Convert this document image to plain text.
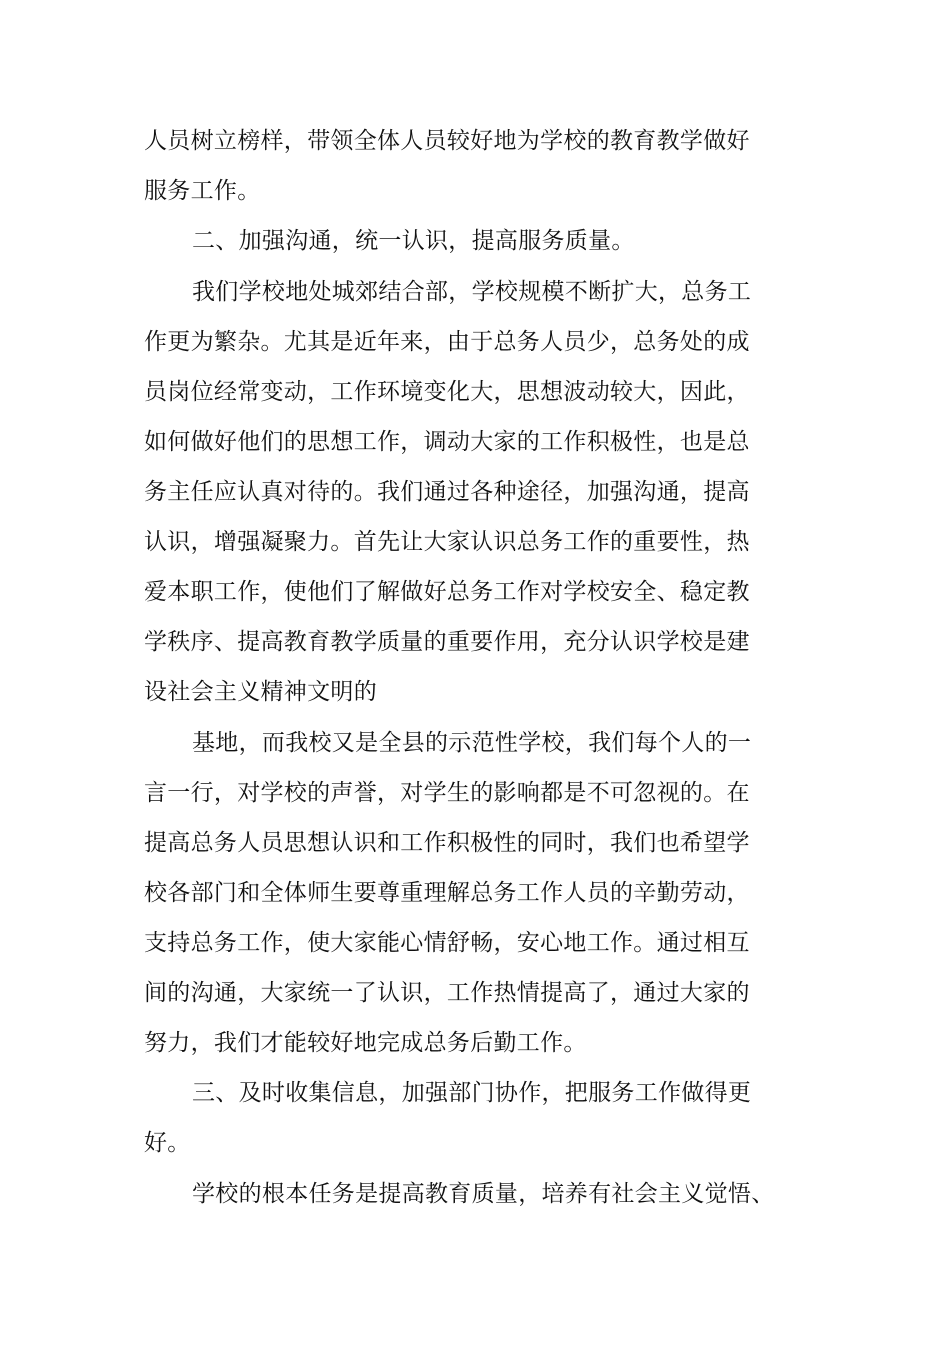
人员树立榜样，带领全体人员较好地为学校的教育教学做好
服务工作。
二、加强沟通，统一认识，提高服务质量。
我们学校地处城郊结合部，学校规模不断扩大，总务工
作更为繁杂。尤其是近年来，由于总务人员少，总务处的成
员岗位经常变动，工作环境变化大，思想波动较大，因此，
如何做好他们的思想工作，调动大家的工作积极性，也是总
务主任应认真对待的。我们通过各种途径，加强沟通，提高
认识，增强凝聚力。首先让大家认识总务工作的重要性，热
爱本职工作，使他们了解做好总务工作对学校安全、稳定教
学秩序、提高教育教学质量的重要作用，充分认识学校是建
设社会主义精神文明的
基地，而我校又是全县的示范性学校，我们每个人的一
言一行，对学校的声誉，对学生的影响都是不可忽视的。在
提高总务人员思想认识和工作积极性的同时，我们也希望学
校各部门和全体师生要尊重理解总务工作人员的辛勤劳动，
支持总务工作，使大家能心情舒畅，安心地工作。通过相互
间的沟通，大家统一了认识，工作热情提高了，通过大家的
努力，我们才能较好地完成总务后勤工作。
三、及时收集信息，加强部门协作，把服务工作做得更
好。
学校的根本任务是提高教育质量，培养有社会主义觉悟、
